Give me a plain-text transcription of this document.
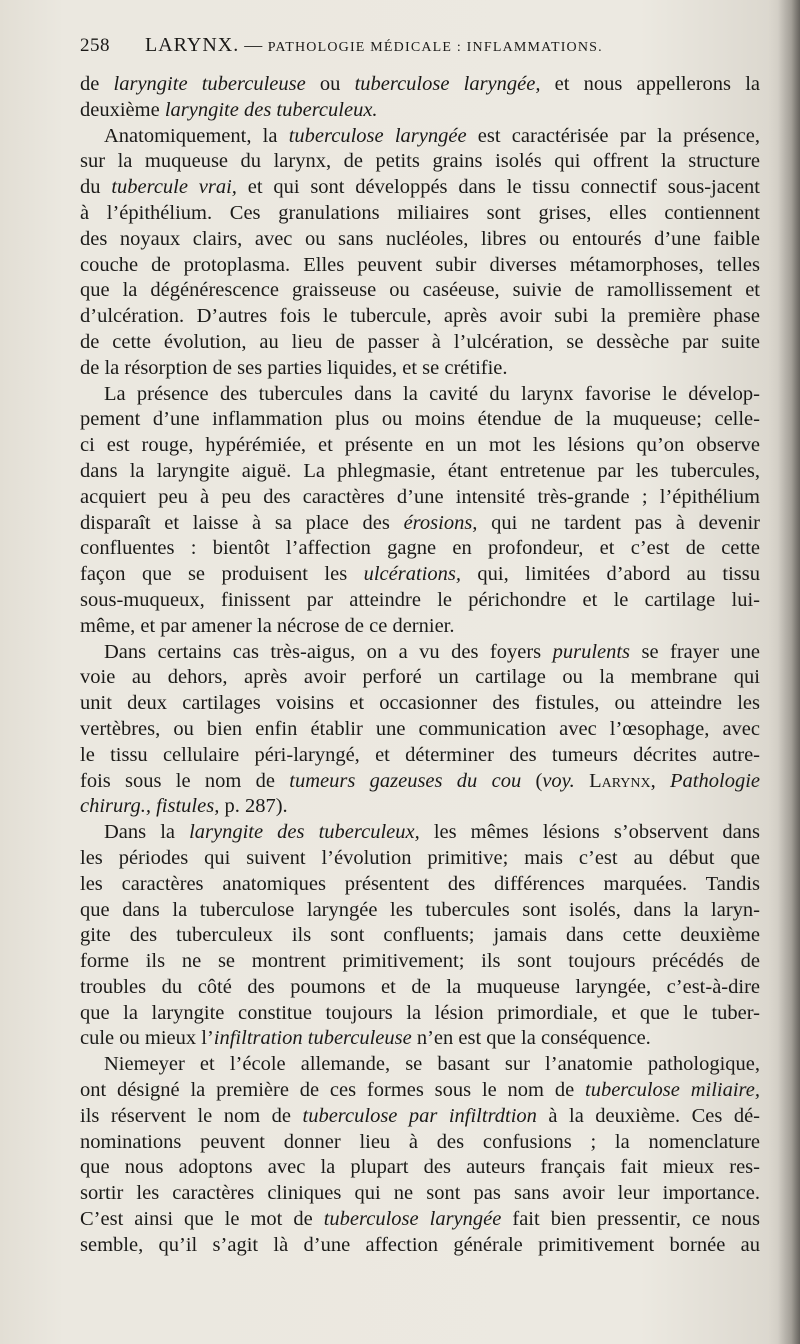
258 LARYNX. — PATHOLOGIE MÉDICALE : INFLAMMATIONS.
de laryngite tuberculeuse ou tuberculose laryngée, et nous appellerons la
deuxième laryngite des tuberculeux.
Anatomiquement, la tuberculose laryngée est caractérisée par la présence,
sur la muqueuse du larynx, de petits grains isolés qui offrent la structure
du tubercule vrai, et qui sont développés dans le tissu connectif sous-jacent
à l’épithélium. Ces granulations miliaires sont grises, elles contiennent
des noyaux clairs, avec ou sans nucléoles, libres ou entourés d’une faible
couche de protoplasma. Elles peuvent subir diverses métamorphoses, telles
que la dégénérescence graisseuse ou caséeuse, suivie de ramollissement et
d’ulcération. D’autres fois le tubercule, après avoir subi la première phase
de cette évolution, au lieu de passer à l’ulcération, se dessèche par suite
de la résorption de ses parties liquides, et se crétifie.
La présence des tubercules dans la cavité du larynx favorise le dévelop-
pement d’une inflammation plus ou moins étendue de la muqueuse; celle-
ci est rouge, hypérémiée, et présente en un mot les lésions qu’on observe
dans la laryngite aiguë. La phlegmasie, étant entretenue par les tubercules,
acquiert peu à peu des caractères d’une intensité très-grande ; l’épithélium
disparaît et laisse à sa place des érosions, qui ne tardent pas à devenir
confluentes : bientôt l’affection gagne en profondeur, et c’est de cette
façon que se produisent les ulcérations, qui, limitées d’abord au tissu
sous-muqueux, finissent par atteindre le périchondre et le cartilage lui-
même, et par amener la nécrose de ce dernier.
Dans certains cas très-aigus, on a vu des foyers purulents se frayer une
voie au dehors, après avoir perforé un cartilage ou la membrane qui
unit deux cartilages voisins et occasionner des fistules, ou atteindre les
vertèbres, ou bien enfin établir une communication avec l’œsophage, avec
le tissu cellulaire péri-laryngé, et déterminer des tumeurs décrites autre-
fois sous le nom de tumeurs gazeuses du cou (voy. Larynx, Pathologie
chirurg., fistules, p. 287).
Dans la laryngite des tuberculeux, les mêmes lésions s’observent dans
les périodes qui suivent l’évolution primitive; mais c’est au début que
les caractères anatomiques présentent des différences marquées. Tandis
que dans la tuberculose laryngée les tubercules sont isolés, dans la laryn-
gite des tuberculeux ils sont confluents; jamais dans cette deuxième
forme ils ne se montrent primitivement; ils sont toujours précédés de
troubles du côté des poumons et de la muqueuse laryngée, c’est-à-dire
que la laryngite constitue toujours la lésion primordiale, et que le tuber-
cule ou mieux l’infiltration tuberculeuse n’en est que la conséquence.
Niemeyer et l’école allemande, se basant sur l’anatomie pathologique,
ont désigné la première de ces formes sous le nom de tuberculose miliaire,
ils réservent le nom de tuberculose par infiltrdtion à la deuxième. Ces dé-
nominations peuvent donner lieu à des confusions ; la nomenclature
que nous adoptons avec la plupart des auteurs français fait mieux res-
sortir les caractères cliniques qui ne sont pas sans avoir leur importance.
C’est ainsi que le mot de tuberculose laryngée fait bien pressentir, ce nous
semble, qu’il s’agit là d’une affection générale primitivement bornée au
